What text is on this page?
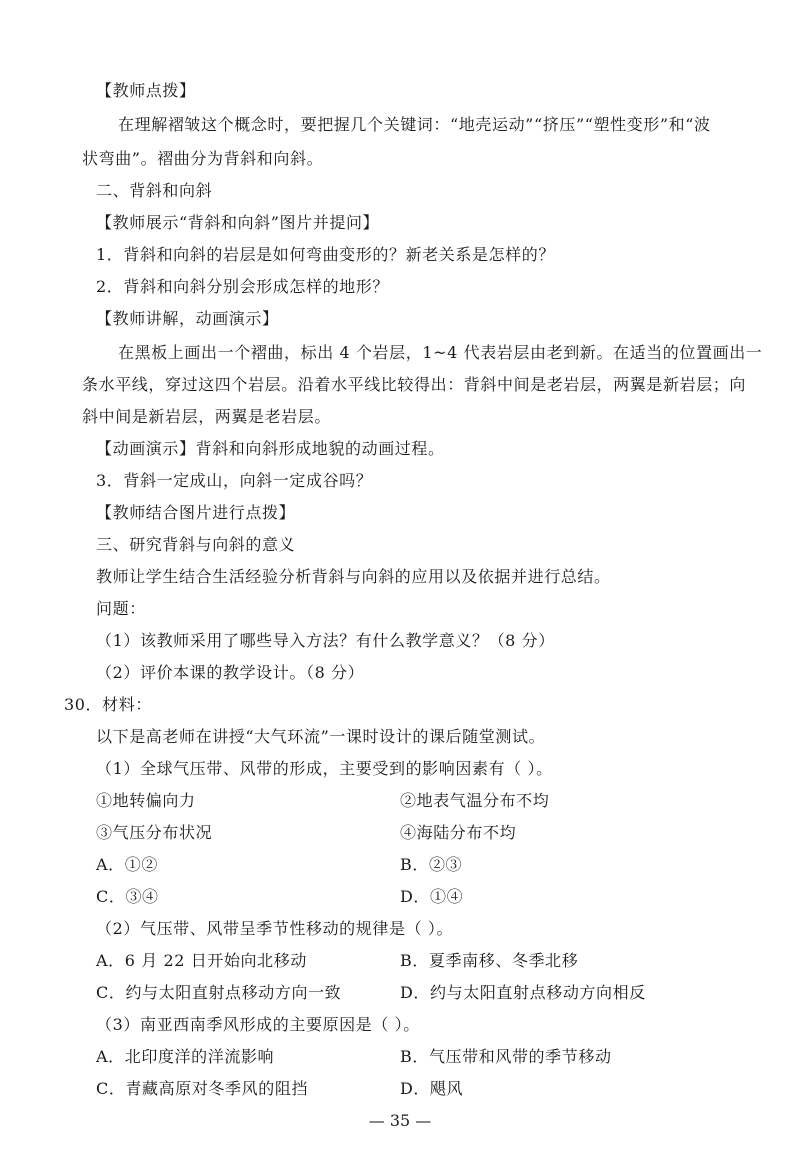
【教师点拨】
在理解褶皱这个概念时，要把握几个关键词：“地壳运动”“挤压”“塑性变形”和“波
状弯曲”。褶曲分为背斜和向斜。
二、背斜和向斜
【教师展示“背斜和向斜”图片并提问】
1．背斜和向斜的岩层是如何弯曲变形的？新老关系是怎样的？
2．背斜和向斜分别会形成怎样的地形？
【教师讲解，动画演示】
在黑板上画出一个褶曲，标出 4 个岩层，1~4 代表岩层由老到新。在适当的位置画出一
条水平线，穿过这四个岩层。沿着水平线比较得出：背斜中间是老岩层，两翼是新岩层；向
斜中间是新岩层，两翼是老岩层。
【动画演示】背斜和向斜形成地貌的动画过程。
3．背斜一定成山，向斜一定成谷吗？
【教师结合图片进行点拨】
三、研究背斜与向斜的意义
教师让学生结合生活经验分析背斜与向斜的应用以及依据并进行总结。
问题：
（1）该教师采用了哪些导入方法？有什么教学意义？（8 分）
（2）评价本课的教学设计。（8 分）
30．材料：
以下是高老师在讲授“大气环流”一课时设计的课后随堂测试。
（1）全球气压带、风带的形成，主要受到的影响因素有（ ）。
①地转偏向力	②地表气温分布不均
③气压分布状况	④海陆分布不均
A．①②	B．②③
C．③④	D．①④
（2）气压带、风带呈季节性移动的规律是（ ）。
A．6 月 22 日开始向北移动	B．夏季南移、冬季北移
C．约与太阳直射点移动方向一致	D．约与太阳直射点移动方向相反
（3）南亚西南季风形成的主要原因是（ ）。
A．北印度洋的洋流影响	B．气压带和风带的季节移动
— 35 —
C．青藏高原对冬季风的阻挡	D．飓风
